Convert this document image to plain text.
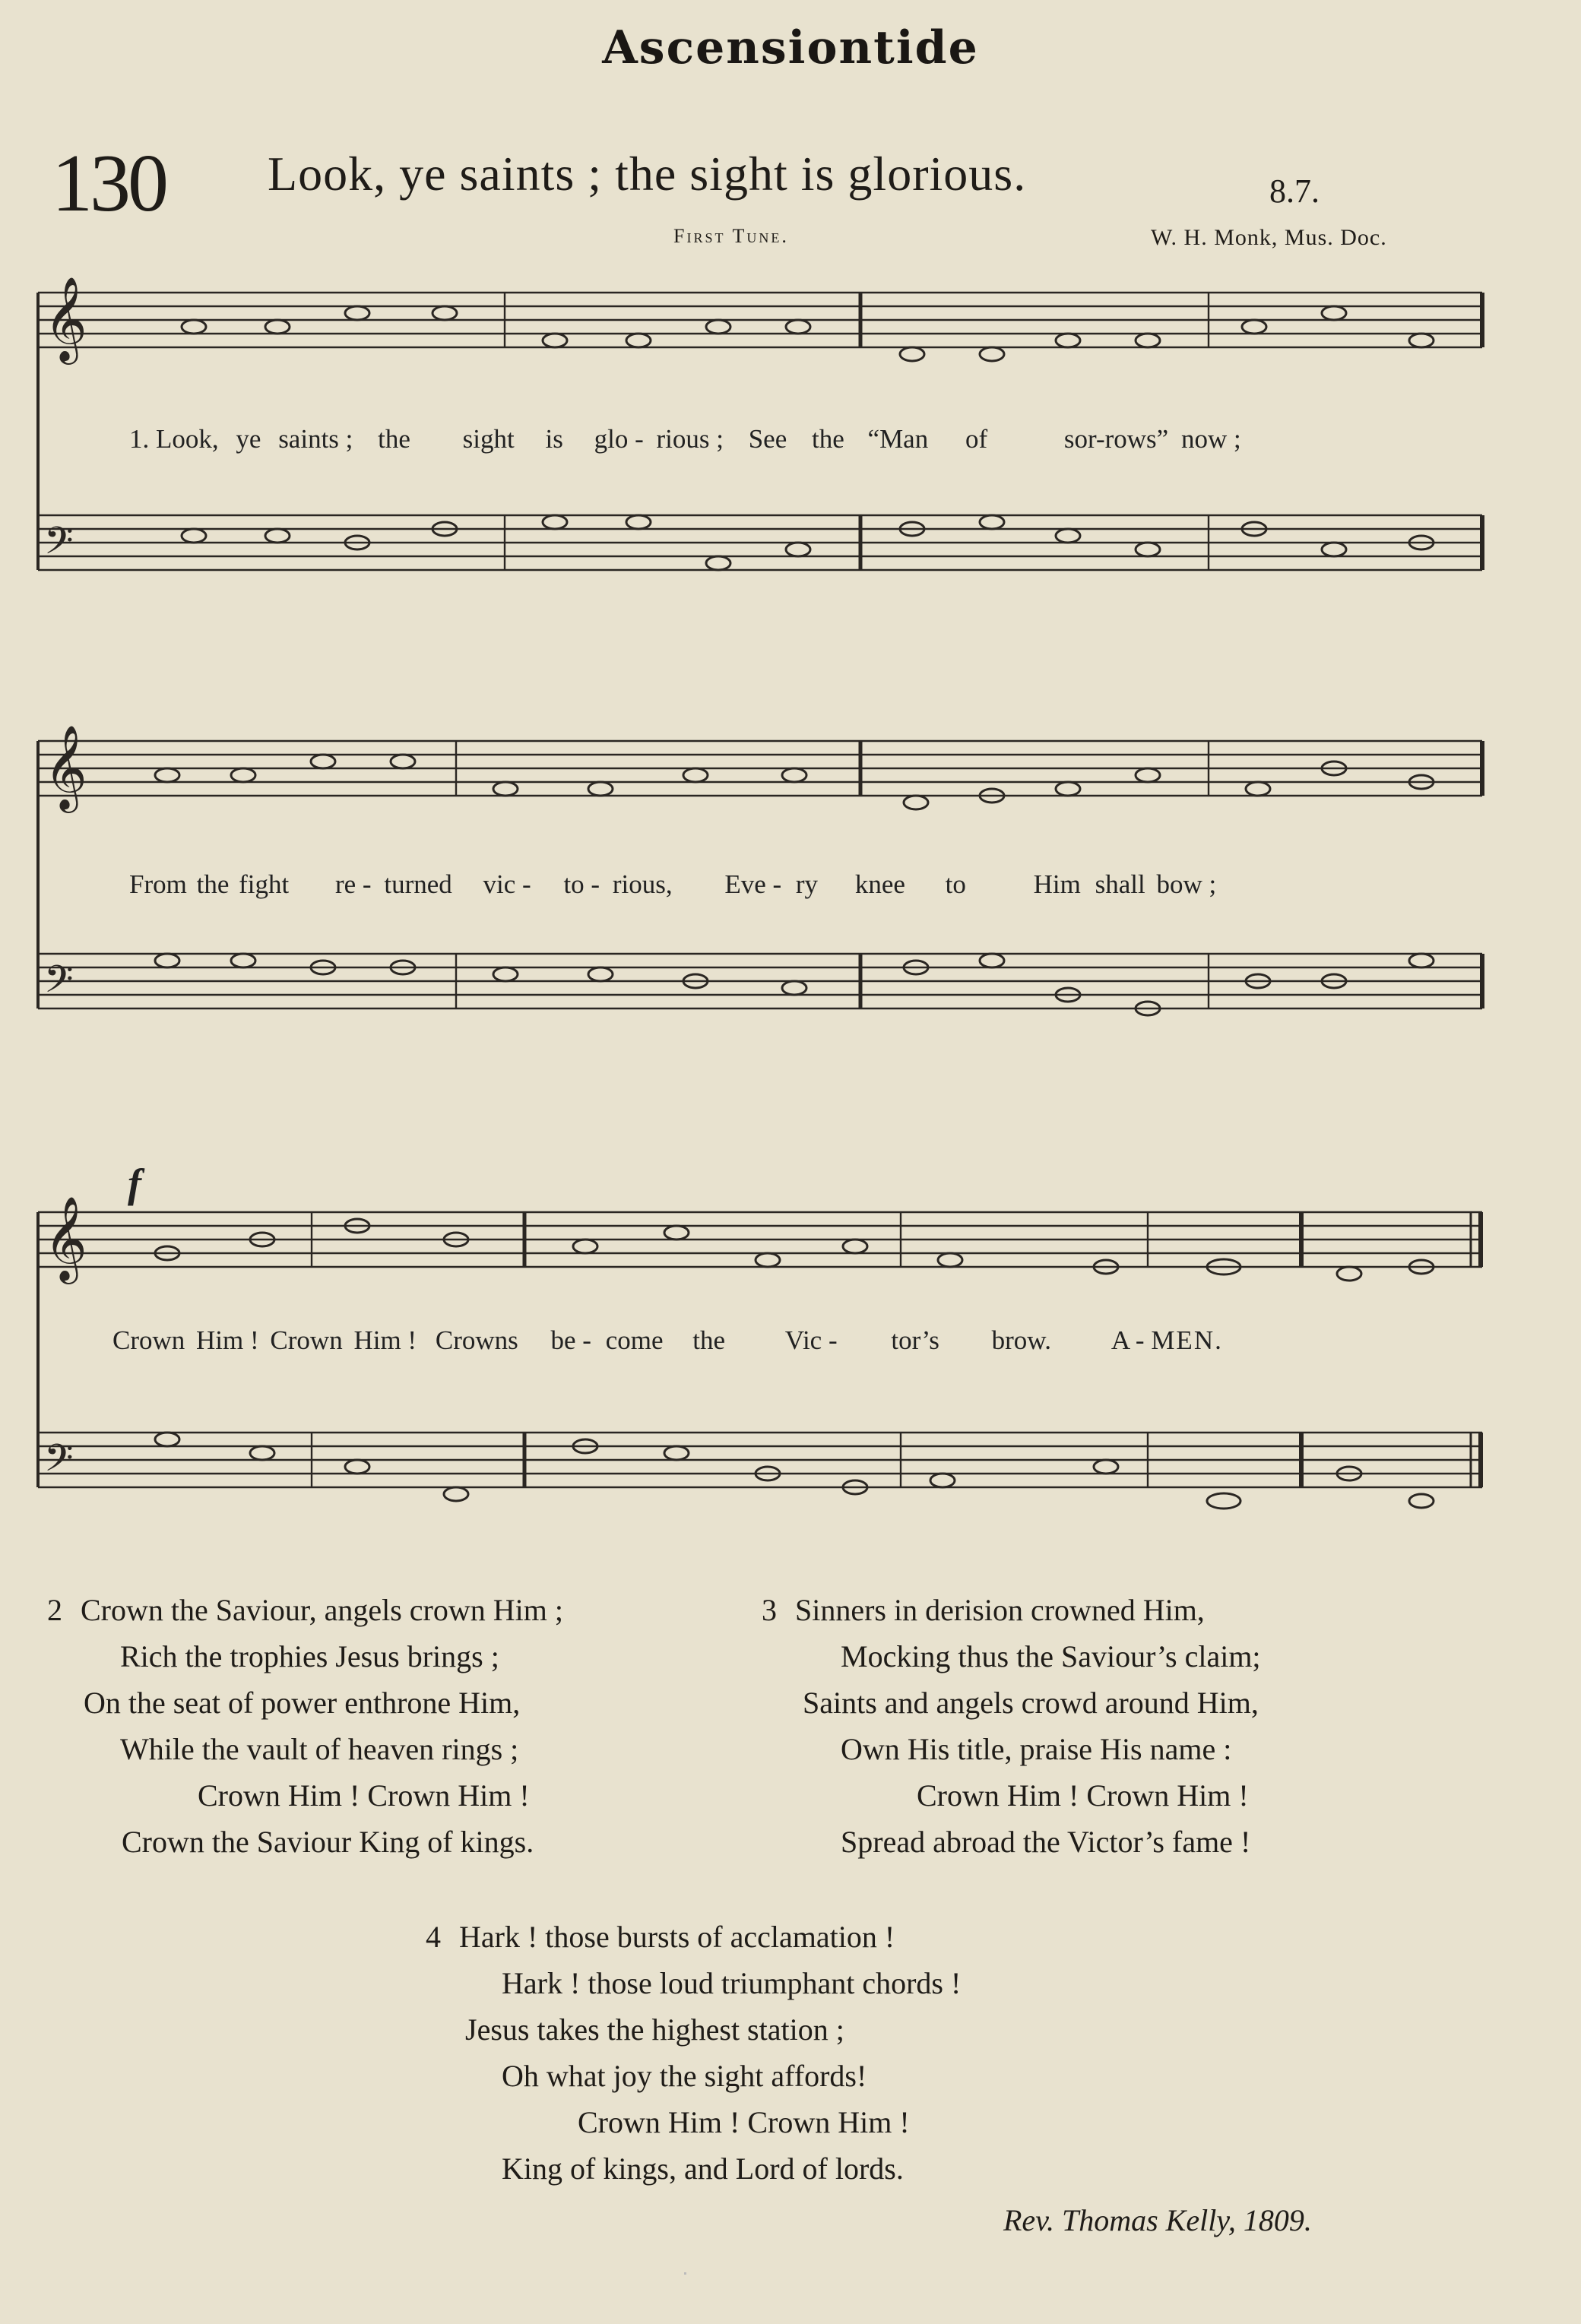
Ascensiontide
130 Look, ye saints ; the sight is glorious.	8.7.
First Tune.	W. H. Monk, Mus. Doc.
𝄞
𝄢
1. Look, ye saints ; the sight is glo - rious ; See the “Man of	sor-rows” now ;
𝄞
𝄢
From the fight re - turned vic - to - rious, Eve - ry knee to	Him shall bow ;
f
𝄞
𝄢
Crown Him ! Crown Him ! Crowns be - come the Vic - tor’s brow. A - MEN.
2 Crown the Saviour, angels crown Him ;
Rich the trophies Jesus brings ;
On the seat of power enthrone Him,
While the vault of heaven rings ;
Crown Him ! Crown Him !
Crown the Saviour King of kings.
3 Sinners in derision crowned Him,
Mocking thus the Saviour’s claim;
Saints and angels crowd around Him,
Own His title, praise His name :
Crown Him ! Crown Him !
Spread abroad the Victor’s fame !
4 Hark ! those bursts of acclamation !
Hark ! those loud triumphant chords !
Jesus takes the highest station ;
Oh what joy the sight affords!
Crown Him ! Crown Him !
King of kings, and Lord of lords.
Rev. Thomas Kelly, 1809.
